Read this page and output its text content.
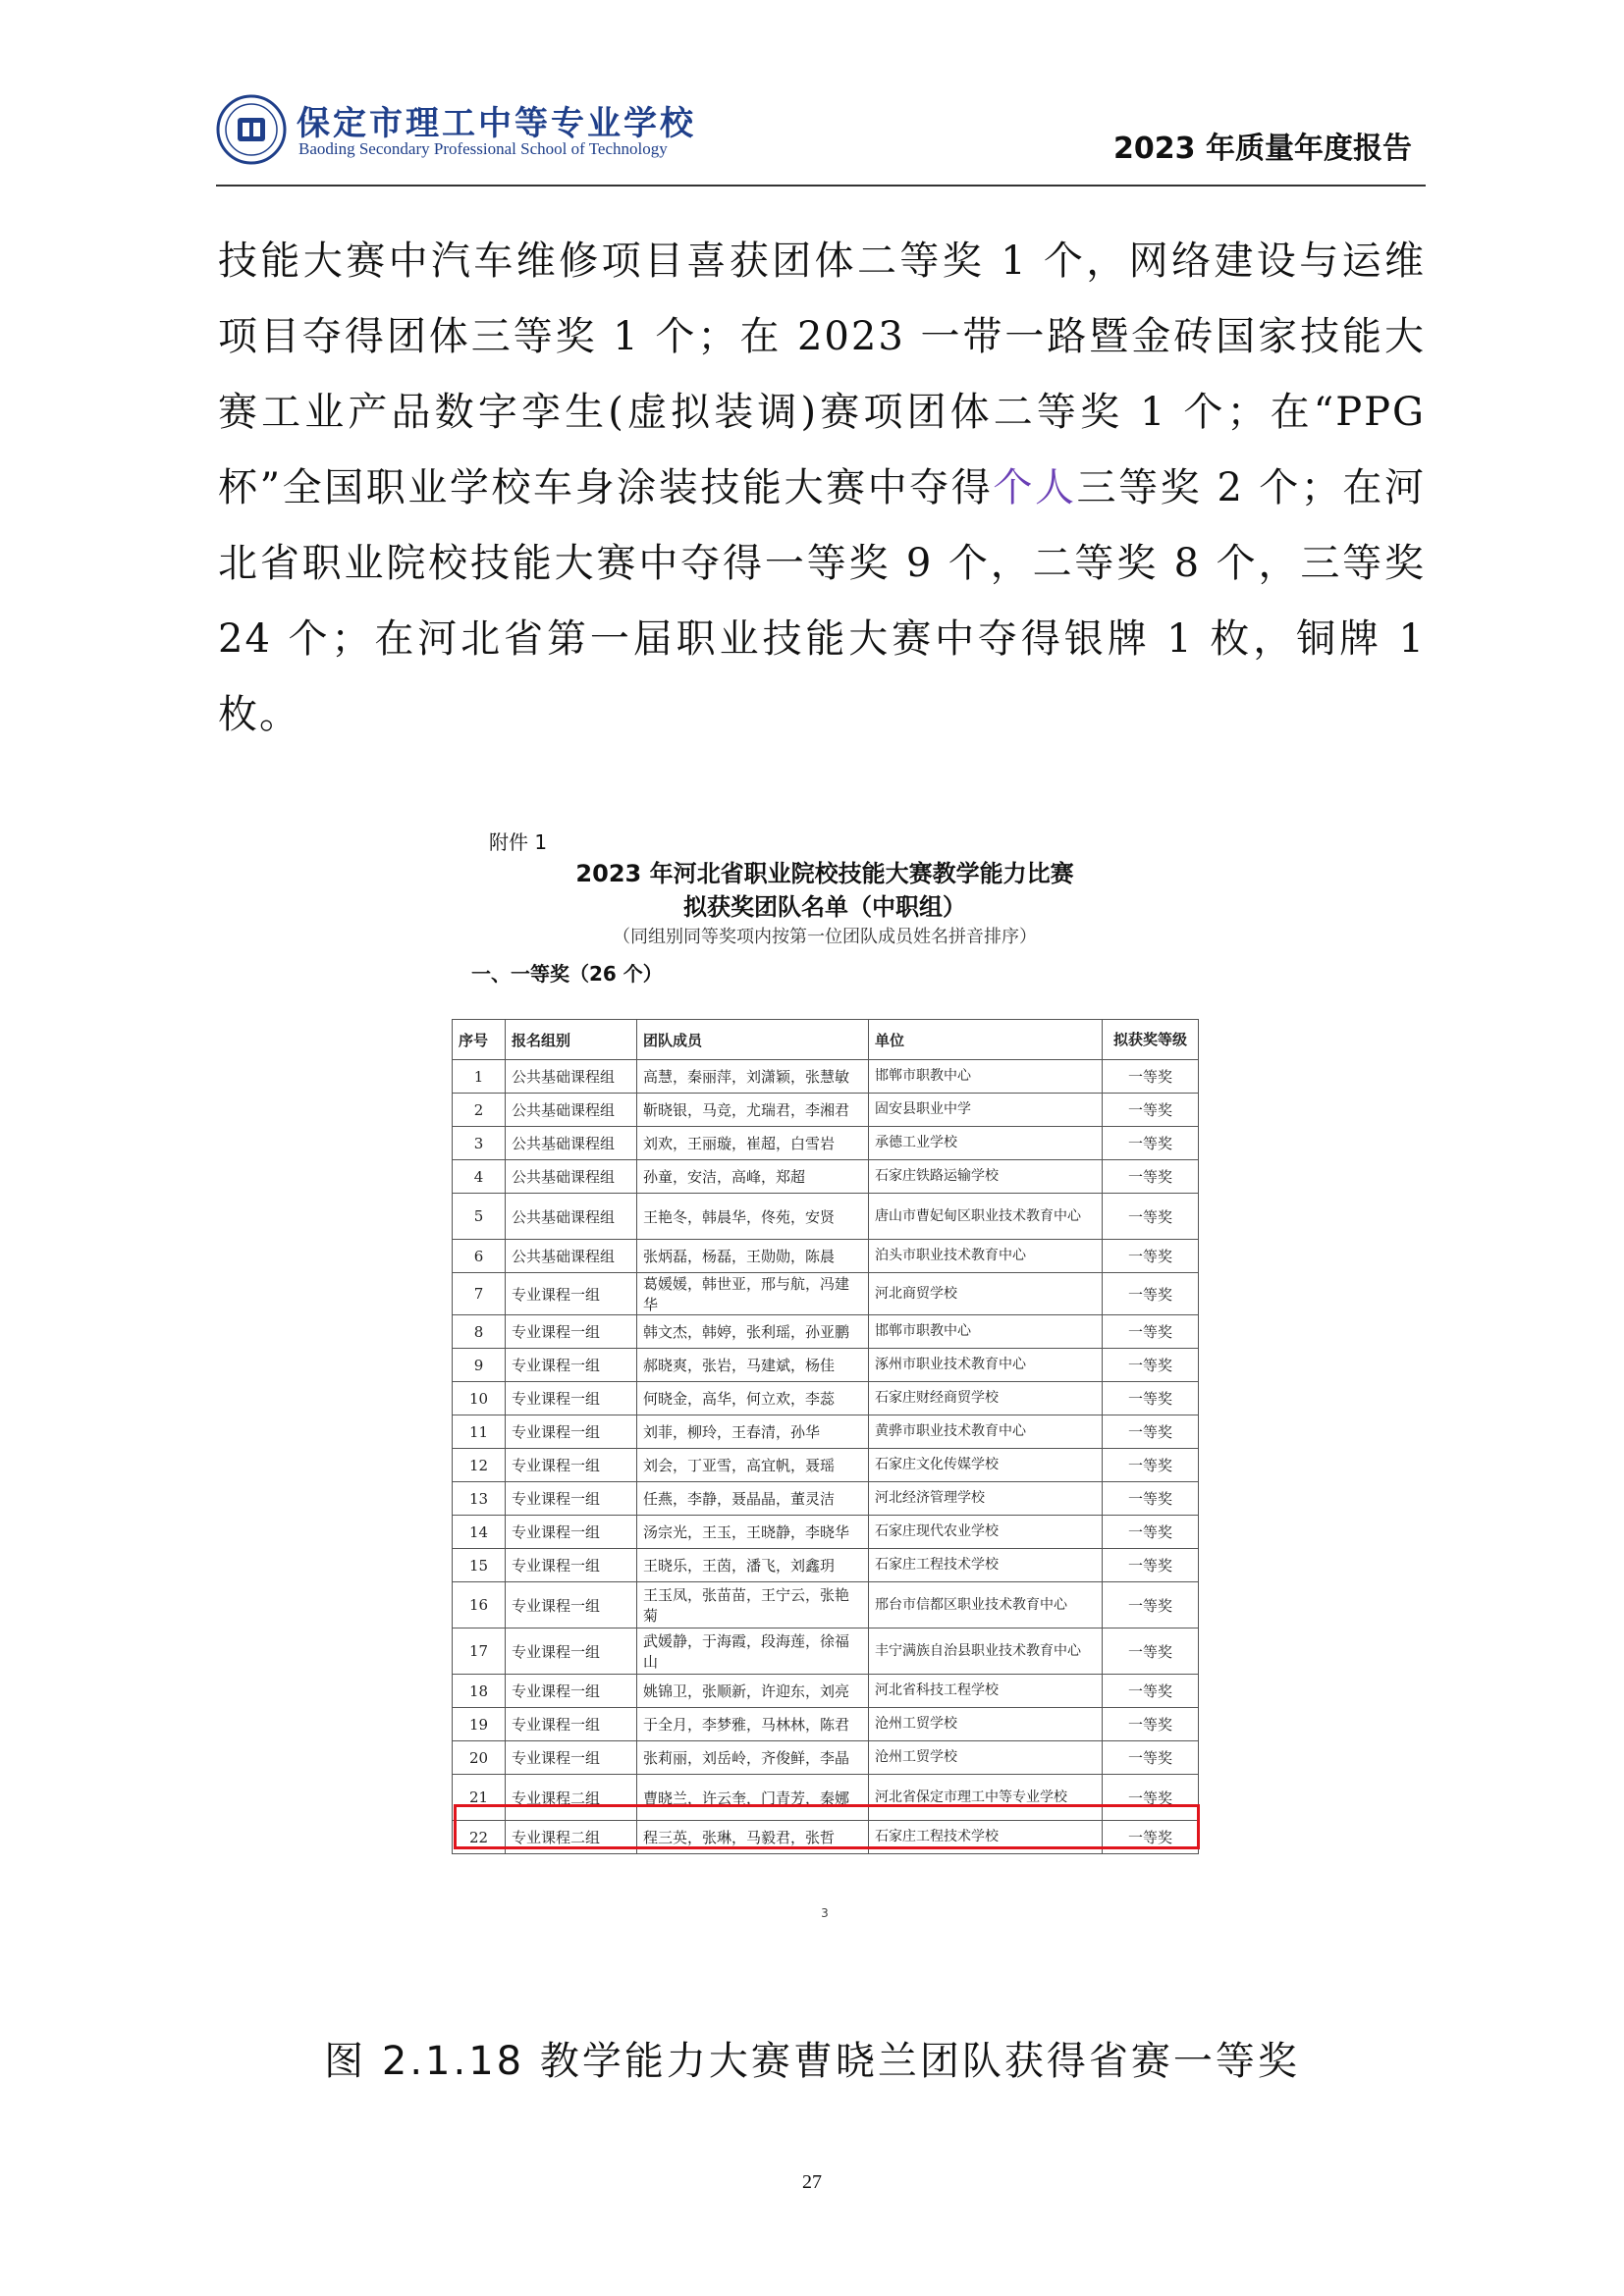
保定市理工中等专业学校
Baoding Secondary Professional School of Technology	2023 年质量年度报告
技能大赛中汽车维修项目喜获团体二等奖 1 个，网络建设与运维项目夺得团体三等奖 1 个；在 2023 一带一路暨金砖国家技能大赛工业产品数字孪生(虚拟装调)赛项团体二等奖 1 个；在“PPG 杯”全国职业学校车身涂装技能大赛中夺得个人三等奖 2 个；在河北省职业院校技能大赛中夺得一等奖 9 个，二等奖 8 个，三等奖 24 个；在河北省第一届职业技能大赛中夺得银牌 1 枚，铜牌 1 枚。
附件 1
2023 年河北省职业院校技能大赛教学能力比赛
拟获奖团队名单（中职组）
（同组别同等奖项内按第一位团队成员姓名拼音排序）
一、一等奖（26 个）
序号	报名组别	团队成员	单位	拟获奖等级
1	公共基础课程组	高慧，秦丽萍，刘潇颖，张慧敏	邯郸市职教中心	一等奖
2	公共基础课程组	靳晓银，马竞，尤瑞君，李湘君	固安县职业中学	一等奖
3	公共基础课程组	刘欢，王丽璇，崔超，白雪岩	承德工业学校	一等奖
4	公共基础课程组	孙童，安洁，高峰，郑超	石家庄铁路运输学校	一等奖
5	公共基础课程组	王艳冬，韩晨华，佟苑，安贤	唐山市曹妃甸区职业技术教育中心	一等奖
6	公共基础课程组	张炳磊，杨磊，王勋勋，陈晨	泊头市职业技术教育中心	一等奖
7	专业课程一组	葛媛媛，韩世亚，邢与航，冯建华	河北商贸学校	一等奖
8	专业课程一组	韩文杰，韩婷，张利瑶，孙亚鹏	邯郸市职教中心	一等奖
9	专业课程一组	郝晓爽，张岩，马建斌，杨佳	涿州市职业技术教育中心	一等奖
10	专业课程一组	何晓金，高华，何立欢，李蕊	石家庄财经商贸学校	一等奖
11	专业课程一组	刘菲，柳玲，王春清，孙华	黄骅市职业技术教育中心	一等奖
12	专业课程一组	刘会，丁亚雪，高宜帆，聂瑶	石家庄文化传媒学校	一等奖
13	专业课程一组	任燕，李静，聂晶晶，董灵洁	河北经济管理学校	一等奖
14	专业课程一组	汤宗光，王玉，王晓静，李晓华	石家庄现代农业学校	一等奖
15	专业课程一组	王晓乐，王茵，潘飞，刘鑫玥	石家庄工程技术学校	一等奖
16	专业课程一组	王玉凤，张苗苗，王宁云，张艳菊	邢台市信都区职业技术教育中心	一等奖
17	专业课程一组	武媛静，于海霞，段海莲，徐福山	丰宁满族自治县职业技术教育中心	一等奖
18	专业课程一组	姚锦卫，张顺新，许迎东，刘亮	河北省科技工程学校	一等奖
19	专业课程一组	于全月，李梦雅，马林林，陈君	沧州工贸学校	一等奖
20	专业课程一组	张莉丽，刘岳岭，齐俊鲜，李晶	沧州工贸学校	一等奖
21	专业课程二组	曹晓兰，许云奎，门青芳，秦娜	河北省保定市理工中等专业学校	一等奖
22	专业课程二组	程三英，张琳，马毅君，张哲	石家庄工程技术学校	一等奖
3
图 2.1.18 教学能力大赛曹晓兰团队获得省赛一等奖
27
